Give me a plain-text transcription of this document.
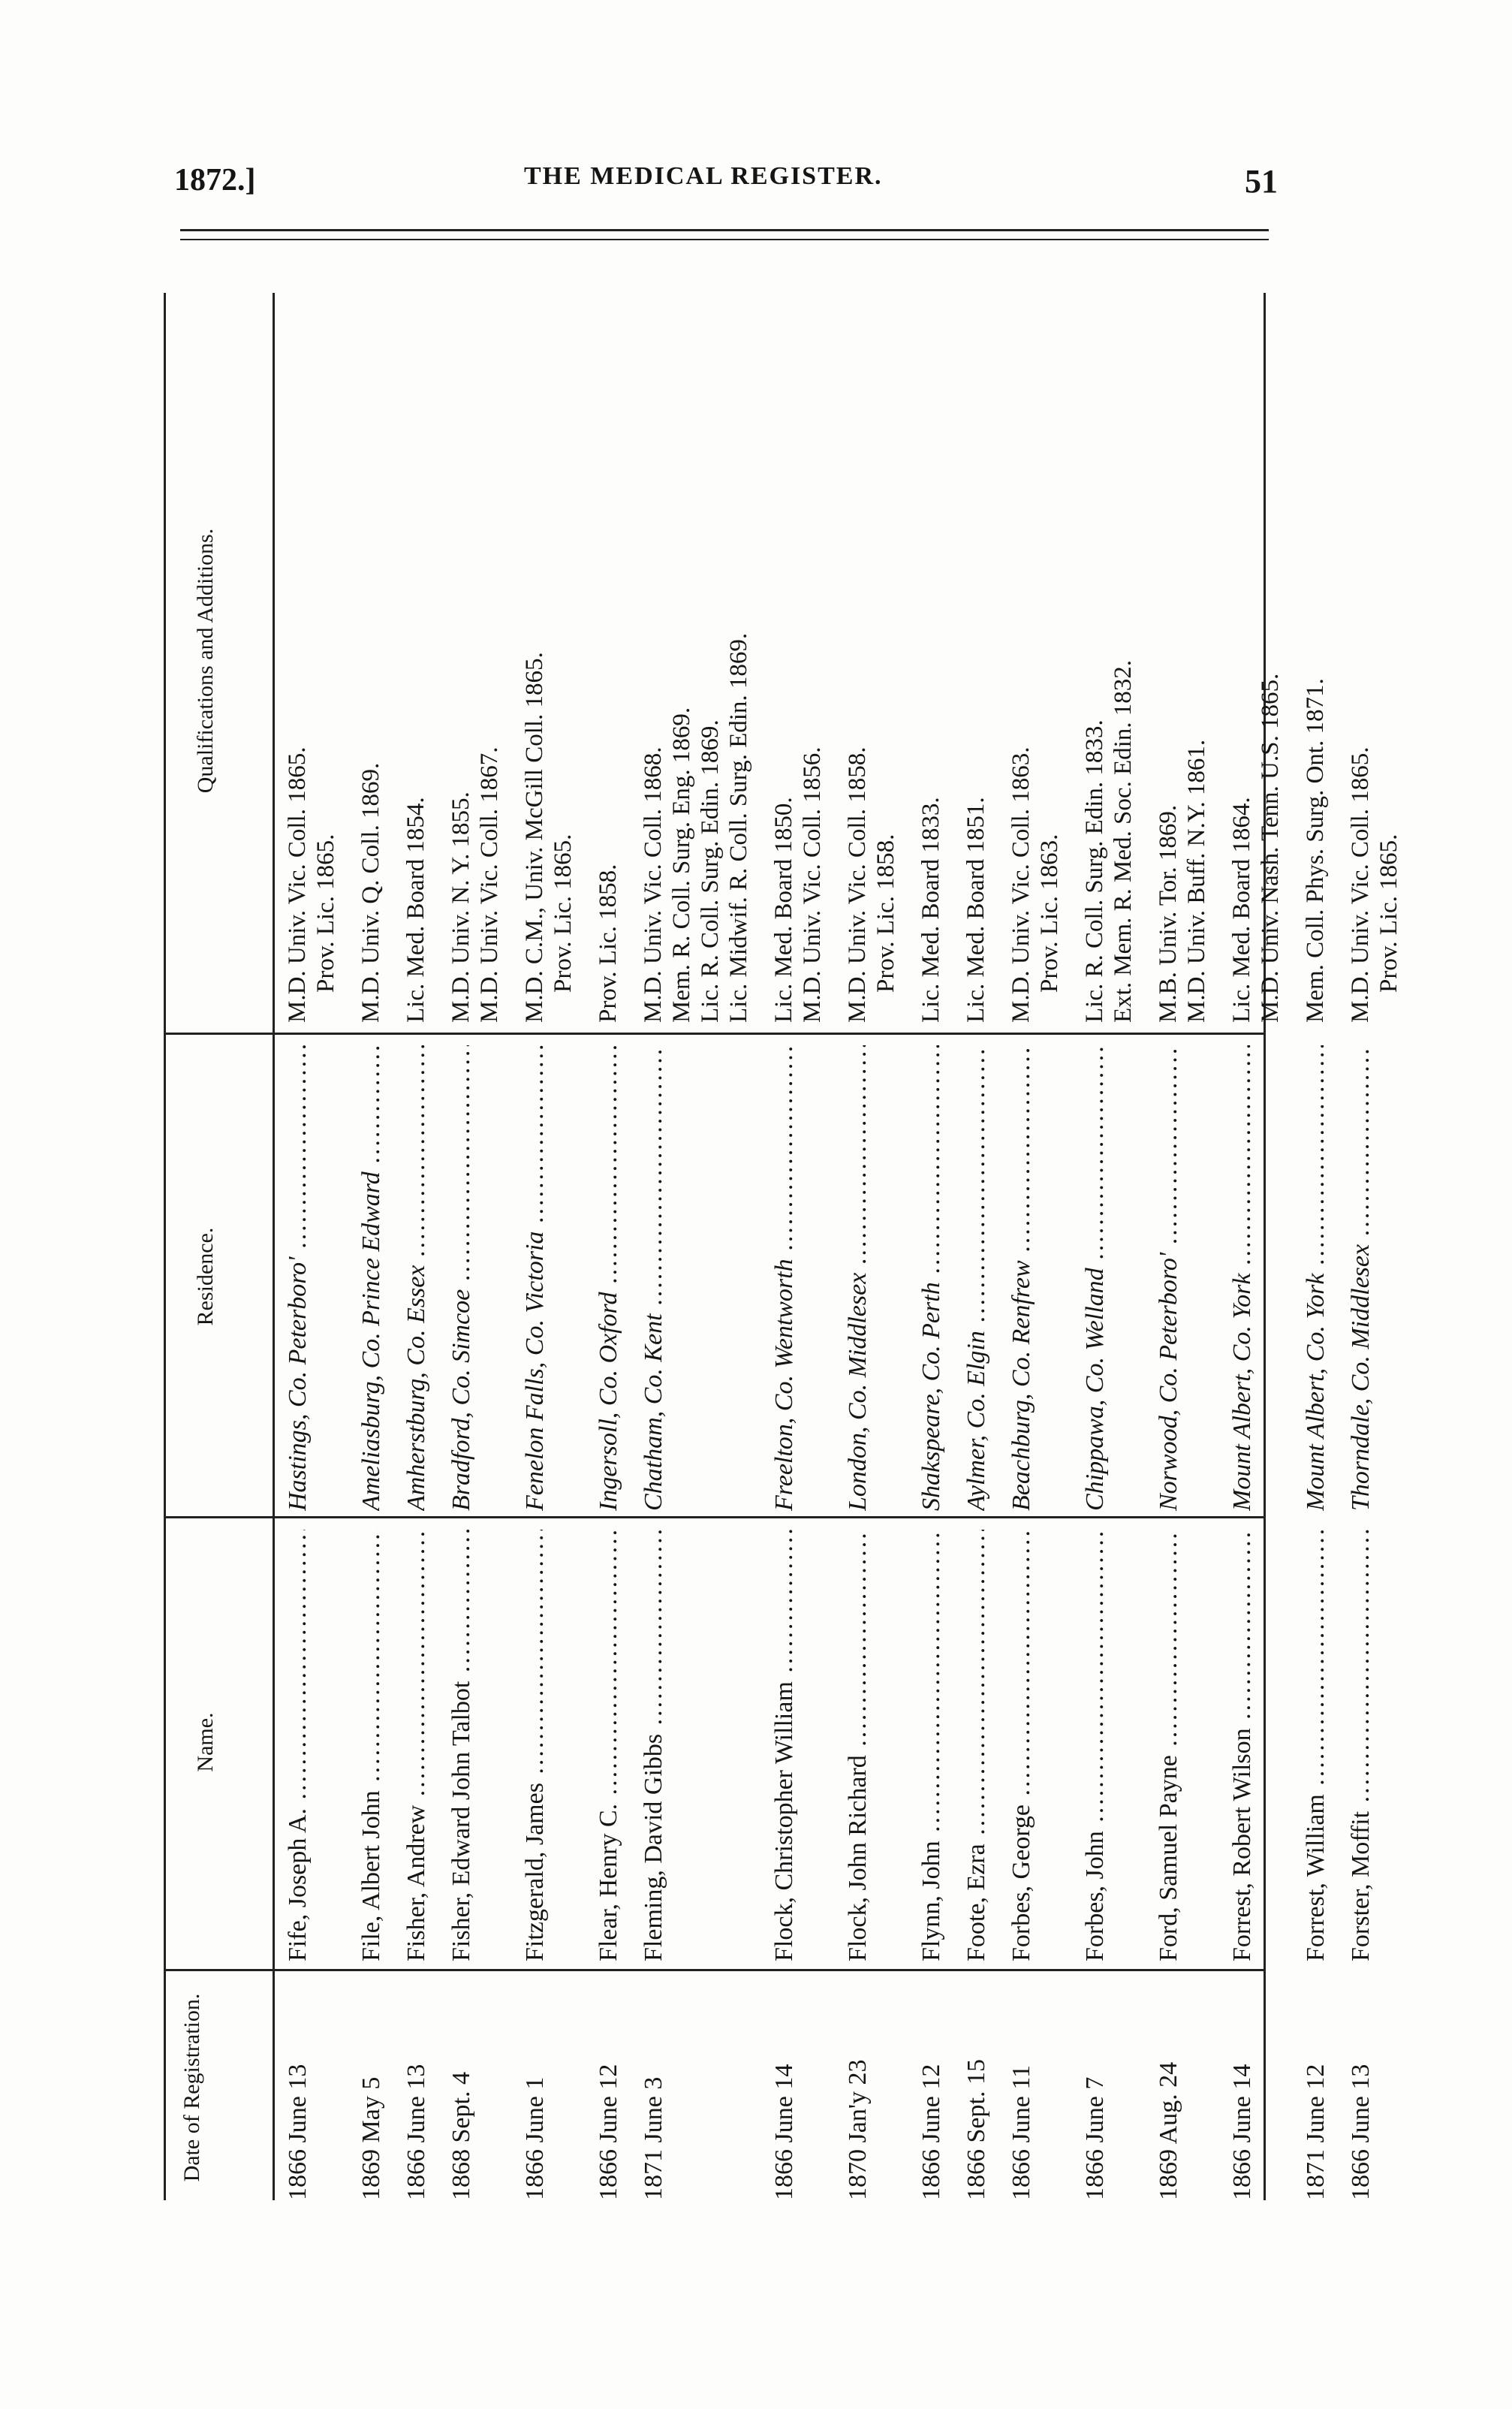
1872.]	THE MEDICAL REGISTER.	51
Date of Registration.
Name.
Residence.
Qualifications and Additions.
1866 June 13
Fife, Joseph A. .....
Hastings, Co. Peterboro' .....
M.D. Univ. Vic. Coll. 1865. Prov. Lic. 1865.
1869 May 5
File, Albert John .....
Ameliasburg, Co. Prince Edward .....
M.D. Univ. Q. Coll. 1869.
1866 June 13
Fisher, Andrew .....
Amherstburg, Co. Essex .....
Lic. Med. Board 1854.
1868 Sept. 4
Fisher, Edward John Talbot .....
Bradford, Co. Simcoe .....
M.D. Univ. N. Y. 1855. M.D. Univ. Vic. Coll. 1867.
1866 June 1
Fitzgerald, James .....
Fenelon Falls, Co. Victoria .....
M.D. C.M., Univ. McGill Coll. 1865. Prov. Lic. 1865.
1866 June 12
Flear, Henry C. .....
Ingersoll, Co. Oxford .....
Prov. Lic. 1858.
1871 June 3
Fleming, David Gibbs .....
Chatham, Co. Kent .....
M.D. Univ. Vic. Coll. 1868. Mem. R. Coll. Surg. Eng. 1869. Lic. R. Coll. Surg. Edin. 1869. Lic. Midwif. R. Coll. Surg. Edin. 1869.
1866 June 14
Flock, Christopher William .....
Freelton, Co. Wentworth .....
Lic. Med. Board 1850. M.D. Univ. Vic. Coll. 1856.
1870 Jan'y 23
Flock, John Richard .....
London, Co. Middlesex .....
M.D. Univ. Vic. Coll. 1858. Prov. Lic. 1858.
1866 June 12
Flynn, John .....
Shakspeare, Co. Perth .....
Lic. Med. Board 1833.
1866 Sept. 15
Foote, Ezra .....
Aylmer, Co. Elgin .....
Lic. Med. Board 1851.
1866 June 11
Forbes, George .....
Beachburg, Co. Renfrew .....
M.D. Univ. Vic. Coll. 1863. Prov. Lic. 1863.
1866 June 7
Forbes, John .....
Chippawa, Co. Welland .....
Lic. R. Coll. Surg. Edin. 1833. Ext. Mem. R. Med. Soc. Edin. 1832.
1869 Aug. 24
Ford, Samuel Payne .....
Norwood, Co. Peterboro' .....
M.B. Univ. Tor. 1869. M.D. Univ. Buff. N.Y. 1861.
1866 June 14
Forrest, Robert Wilson .....
Mount Albert, Co. York .....
Lic. Med. Board 1864. M.D. Univ. Nash. Tenn. U.S. 1865.
1871 June 12
Forrest, William .....
Mount Albert, Co. York .....
Mem. Coll. Phys. Surg. Ont. 1871.
1866 June 13
Forster, Moffit .....
Thorndale, Co. Middlesex .....
M.D. Univ. Vic. Coll. 1865. Prov. Lic. 1865.
